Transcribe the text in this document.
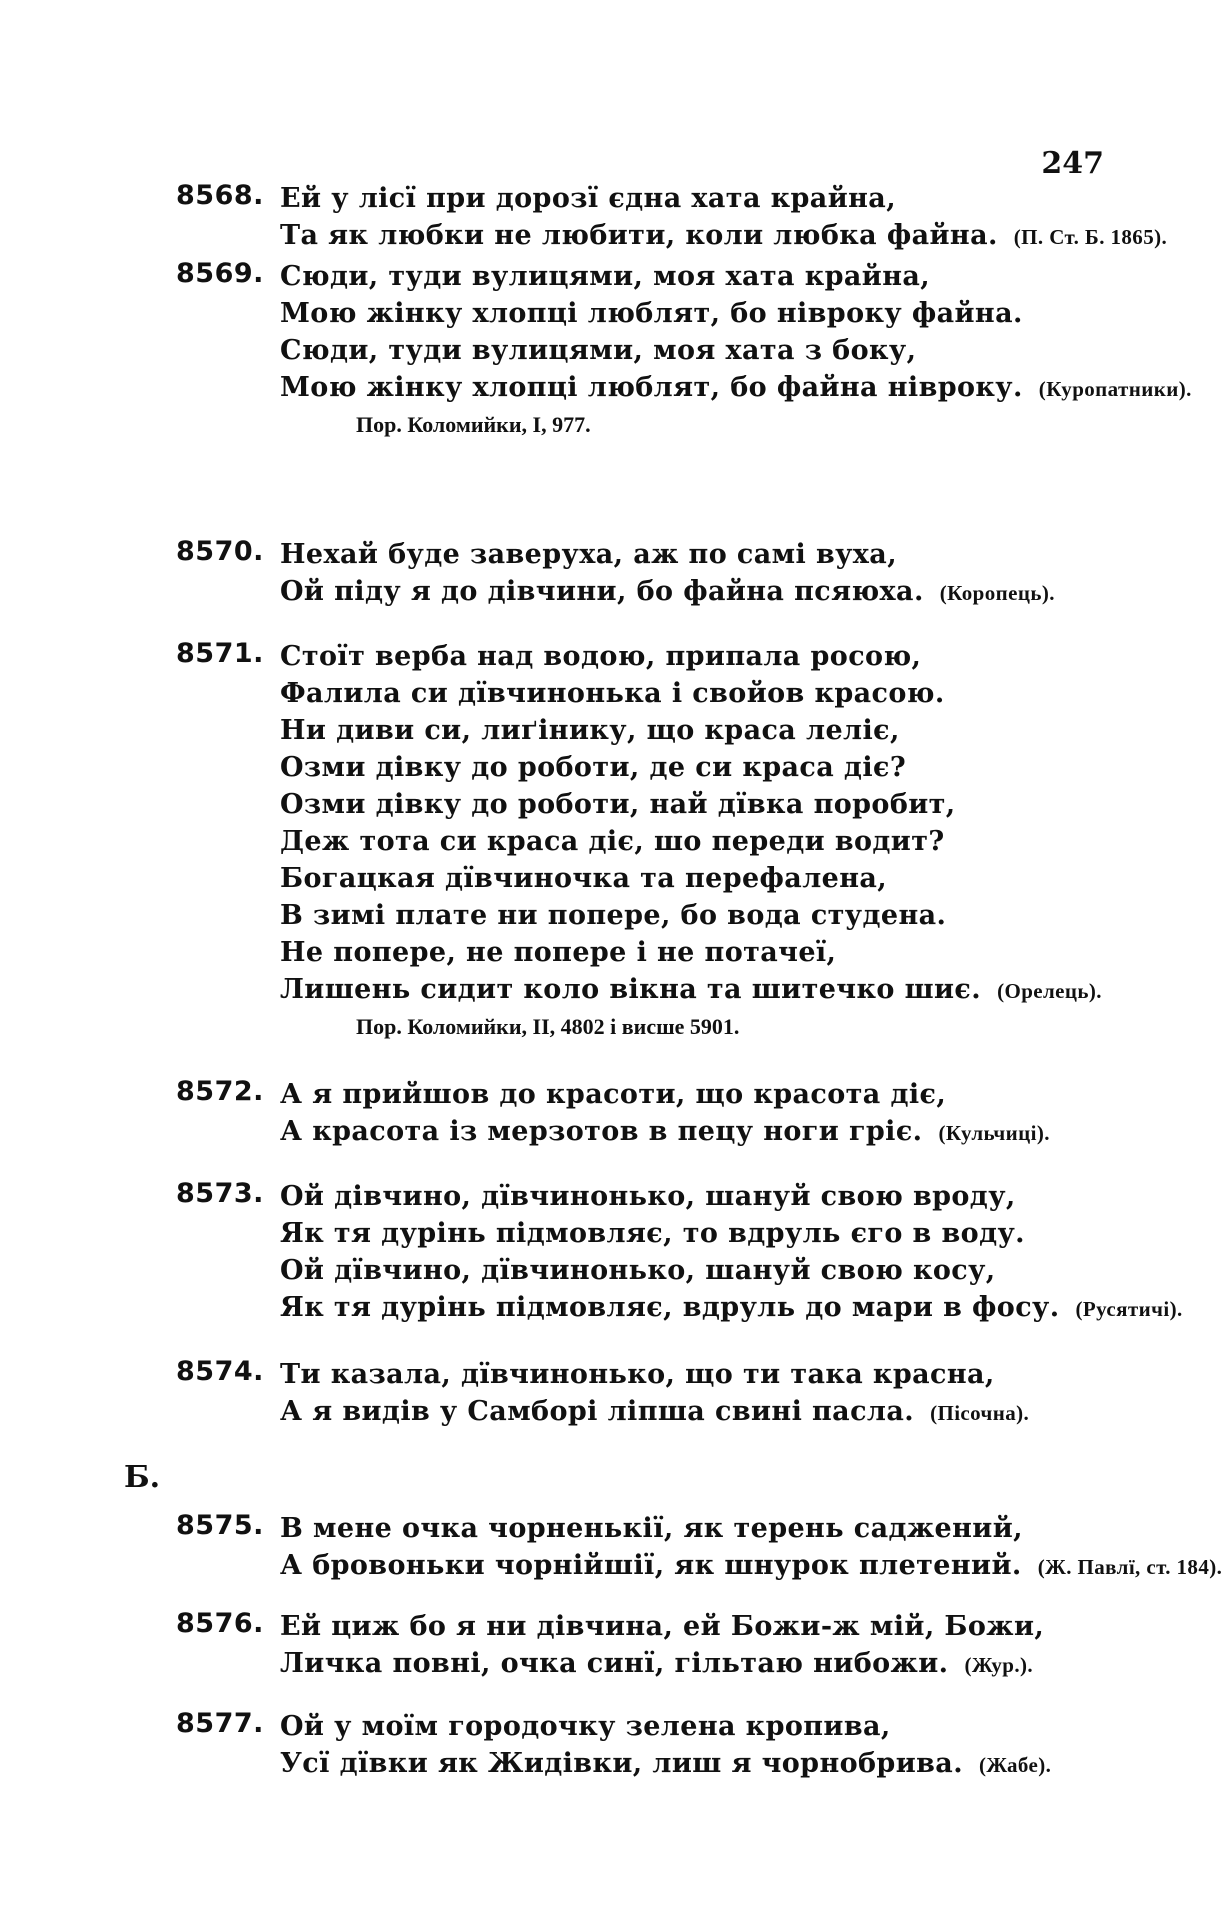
247
8568. Ей у лісї при дорозї єдна хата крайна,
Та як любки не любити, коли любка файна. (П. Ст. Б. 1865).
8569. Сюди, туди вулицями, моя хата крайна,
Мою жінку хлопці люблят, бо нівроку файна.
Сюди, туди вулицями, моя хата з боку,
Мою жінку хлопці люблят, бо файна нівроку. (Куропатники).
Пор. Коломийки, I, 977.
8570. Нехай буде заверуха, аж по самі вуха,
Ой піду я до дівчини, бо файна псяюха. (Коропець).
8571. Стоїт верба над водою, припала росою,
Фалила си дївчинонька і свойов красою.
Ни диви си, лиґінику, що краса леліє,
Озми дівку до роботи, де си краса діє?
Озми дівку до роботи, най дївка поробит,
Деж тота си краса діє, шо переди водит?
Богацкая дївчиночка та перефалена,
В зимі плате ни попере, бо вода студена.
Не попере, не попере і не потачеї,
Лишень сидит коло вікна та шитечко шиє. (Орелець).
Пор. Коломийки, II, 4802 і висше 5901.
8572. А я прийшов до красоти, що красота діє,
А красота із мерзотов в пецу ноги гріє. (Кульчиці).
8573. Ой дівчино, дївчинонько, шануй свою вроду,
Як тя дурінь підмовляє, то вдруль єго в воду.
Ой дївчино, дївчинонько, шануй свою косу,
Як тя дурінь підмовляє, вдруль до мари в фосу. (Русятичі).
8574. Ти казала, дївчинонько, що ти така красна,
А я видів у Самборі ліпша свині пасла. (Пісочна).
Б.
8575. В мене очка чорненькії, як терень саджений,
А бровоньки чорнійшії, як шнурок плетений. (Ж. Павлї, ст. 184).
8576. Ей циж бо я ни дівчина, ей Божи-ж мій, Божи,
Личка повні, очка синї, гільтаю нибожи. (Жур.).
8577. Ой у моїм городочку зелена кропива,
Усї дївки як Жидівки, лиш я чорнобрива. (Жабе).
